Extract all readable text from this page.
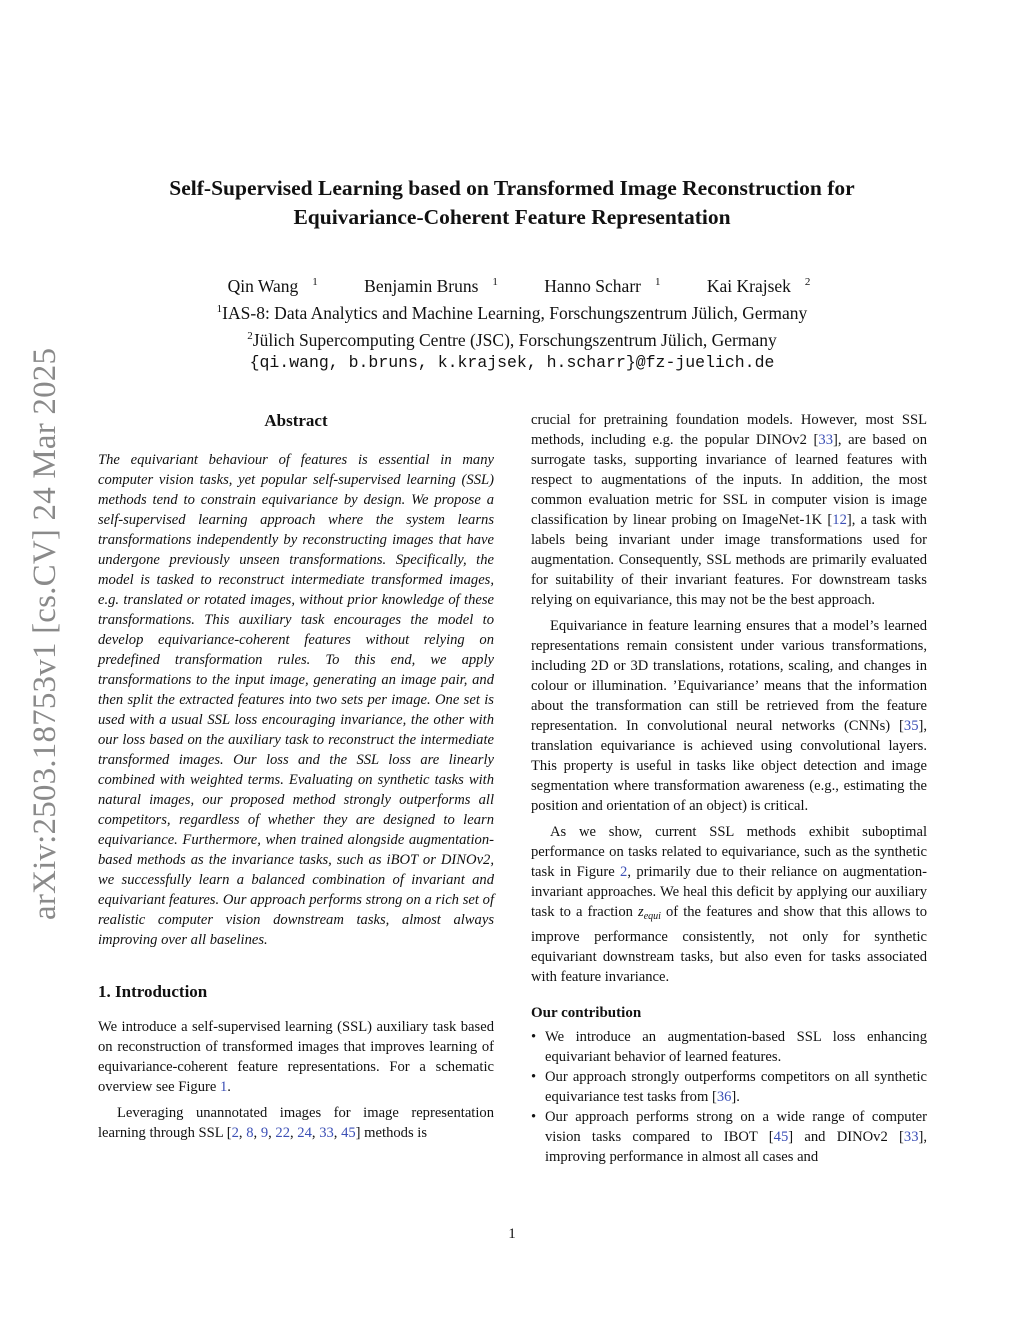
arXiv:2503.18753v1 [cs.CV] 24 Mar 2025
Self-Supervised Learning based on Transformed Image Reconstruction for
Equivariance-Coherent Feature Representation
Qin Wang $^1$	Benjamin Bruns $^1$	Hanno Scharr $^1$	Kai Krajsek $^2$
$^1$IAS-8: Data Analytics and Machine Learning, Forschungszentrum Jülich, Germany
$^2$Jülich Supercomputing Centre (JSC), Forschungszentrum Jülich, Germany
{qi.wang, b.bruns, k.krajsek, h.scharr}@fz-juelich.de
Abstract

The equivariant behaviour of features is essential in many computer vision tasks, yet popular self-supervised learning (SSL) methods tend to constrain equivariance by design. We propose a self-supervised learning approach where the system learns transformations independently by reconstructing images that have undergone previously unseen transformations. Specifically, the model is tasked to reconstruct intermediate transformed images, e.g. translated or rotated images, without prior knowledge of these transformations. This auxiliary task encourages the model to develop equivariance-coherent features without relying on predefined transformation rules. To this end, we apply transformations to the input image, generating an image pair, and then split the extracted features into two sets per image. One set is used with a usual SSL loss encouraging invariance, the other with our loss based on the auxiliary task to reconstruct the intermediate transformed images. Our loss and the SSL loss are linearly combined with weighted terms. Evaluating on synthetic tasks with natural images, our proposed method strongly outperforms all competitors, regardless of whether they are designed to learn equivariance. Furthermore, when trained alongside augmentation-based methods as the invariance tasks, such as iBOT or DINOv2, we successfully learn a balanced combination of invariant and equivariant features. Our approach performs strong on a rich set of realistic computer vision downstream tasks, almost always improving over all baselines.

1. Introduction

We introduce a self-supervised learning (SSL) auxiliary task based on reconstruction of transformed images that improves learning of equivariance-coherent feature representations. For a schematic overview see Figure 1.

Leveraging unannotated images for image representation learning through SSL [2, 8, 9, 22, 24, 33, 45] methods is

crucial for pretraining foundation models. However, most SSL methods, including e.g. the popular DINOv2 [33], are based on surrogate tasks, supporting invariance of learned features with respect to augmentations of the inputs. In addition, the most common evaluation metric for SSL in computer vision is image classification by linear probing on ImageNet-1K [12], a task with labels being invariant under image transformations used for augmentation. Consequently, SSL methods are primarily evaluated for suitability of their invariant features. For downstream tasks relying on equivariance, this may not be the best approach.

Equivariance in feature learning ensures that a model’s learned representations remain consistent under various transformations, including 2D or 3D translations, rotations, scaling, and changes in colour or illumination. ’Equivariance’ means that the information about the transformation can still be retrieved from the feature representation. In convolutional neural networks (CNNs) [35], translation equivariance is achieved using convolutional layers. This property is useful in tasks like object detection and image segmentation where transformation awareness (e.g., estimating the position and orientation of an object) is critical.

As we show, current SSL methods exhibit suboptimal performance on tasks related to equivariance, such as the synthetic task in Figure 2, primarily due to their reliance on augmentation-invariant approaches. We heal this deficit by applying our auxiliary task to a fraction $z_{equi}$ of the features and show that this allows to improve performance consistently, not only for synthetic equivariant downstream tasks, but also even for tasks associated with feature invariance.

Our contribution
• We introduce an augmentation-based SSL loss enhancing equivariant behavior of learned features.
• Our approach strongly outperforms competitors on all synthetic equivariance test tasks from [36].
• Our approach performs strong on a wide range of computer vision tasks compared to IBOT [45] and DINOv2 [33], improving performance in almost all cases and
1
